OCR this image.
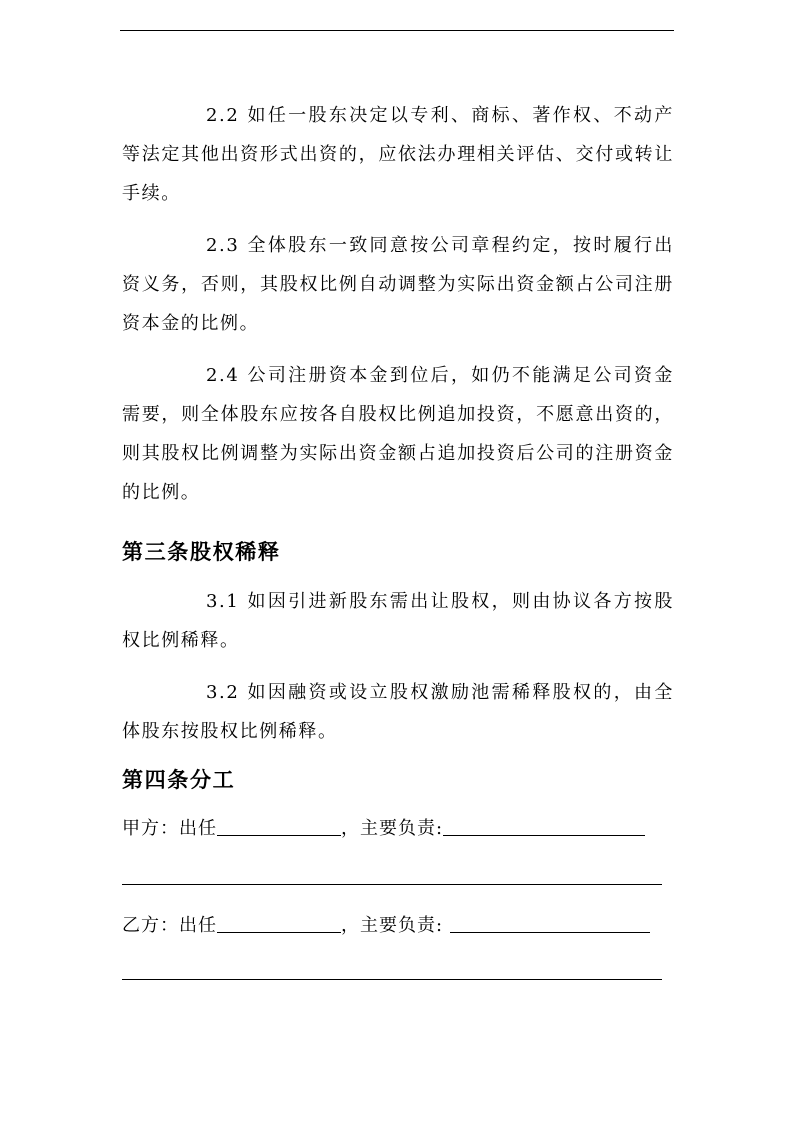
2.2 如任一股东决定以专利、商标、著作权、不动产等法定其他出资形式出资的，应依法办理相关评估、交付或转让手续。

2.3 全体股东一致同意按公司章程约定，按时履行出资义务，否则，其股权比例自动调整为实际出资金额占公司注册资本金的比例。

2.4 公司注册资本金到位后，如仍不能满足公司资金需要，则全体股东应按各自股权比例追加投资，不愿意出资的，则其股权比例调整为实际出资金额占追加投资后公司的注册资金的比例。

第三条股权稀释

3.1 如因引进新股东需出让股权，则由协议各方按股权比例稀释。

3.2 如因融资或设立股权激励池需稀释股权的，由全体股东按股权比例稀释。

第四条分工

甲方：出任	，主要负责:

乙方：出任	，主要负责:
